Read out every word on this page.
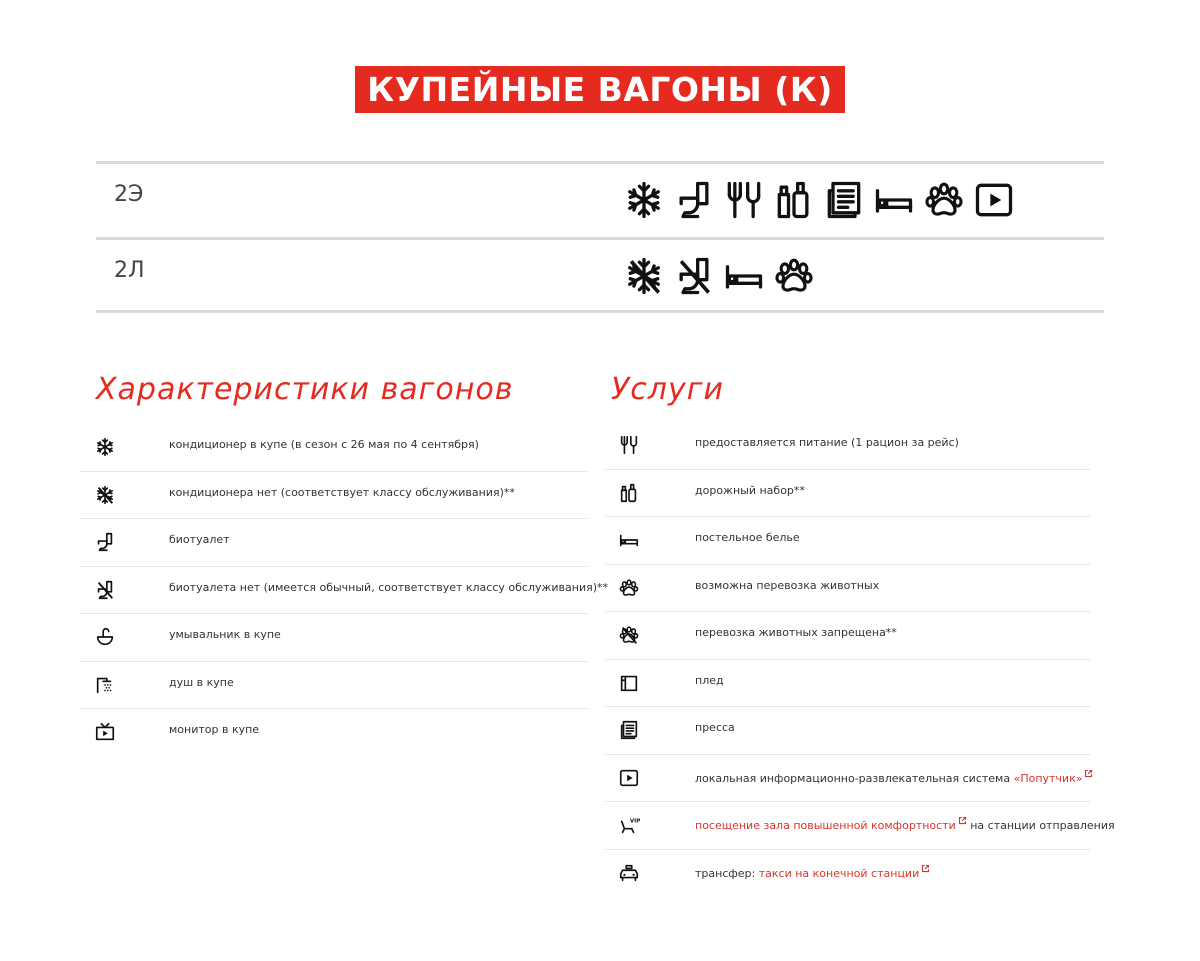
КУПЕЙНЫЕ ВАГОНЫ (К)
2Э
2Л
Характеристики вагонов	Услуги
кондиционер в купе (в сезон с 26 мая по 4 сентября)
кондиционера нет (соответствует классу обслуживания)**
биотуалет
биотуалета нет (имеется обычный, соответствует классу обслуживания)**
умывальник в купе
душ в купе
монитор в купе
предоставляется питание (1 рацион за рейс)
дорожный набор**
постельное белье
возможна перевозка животных
перевозка животных запрещена**
плед
пресса
локальная информационно-развлекательная система «Попутчик»
VIP	посещение зала повышенной комфортности
на станции отправления
трансфер: такси на конечной станции
